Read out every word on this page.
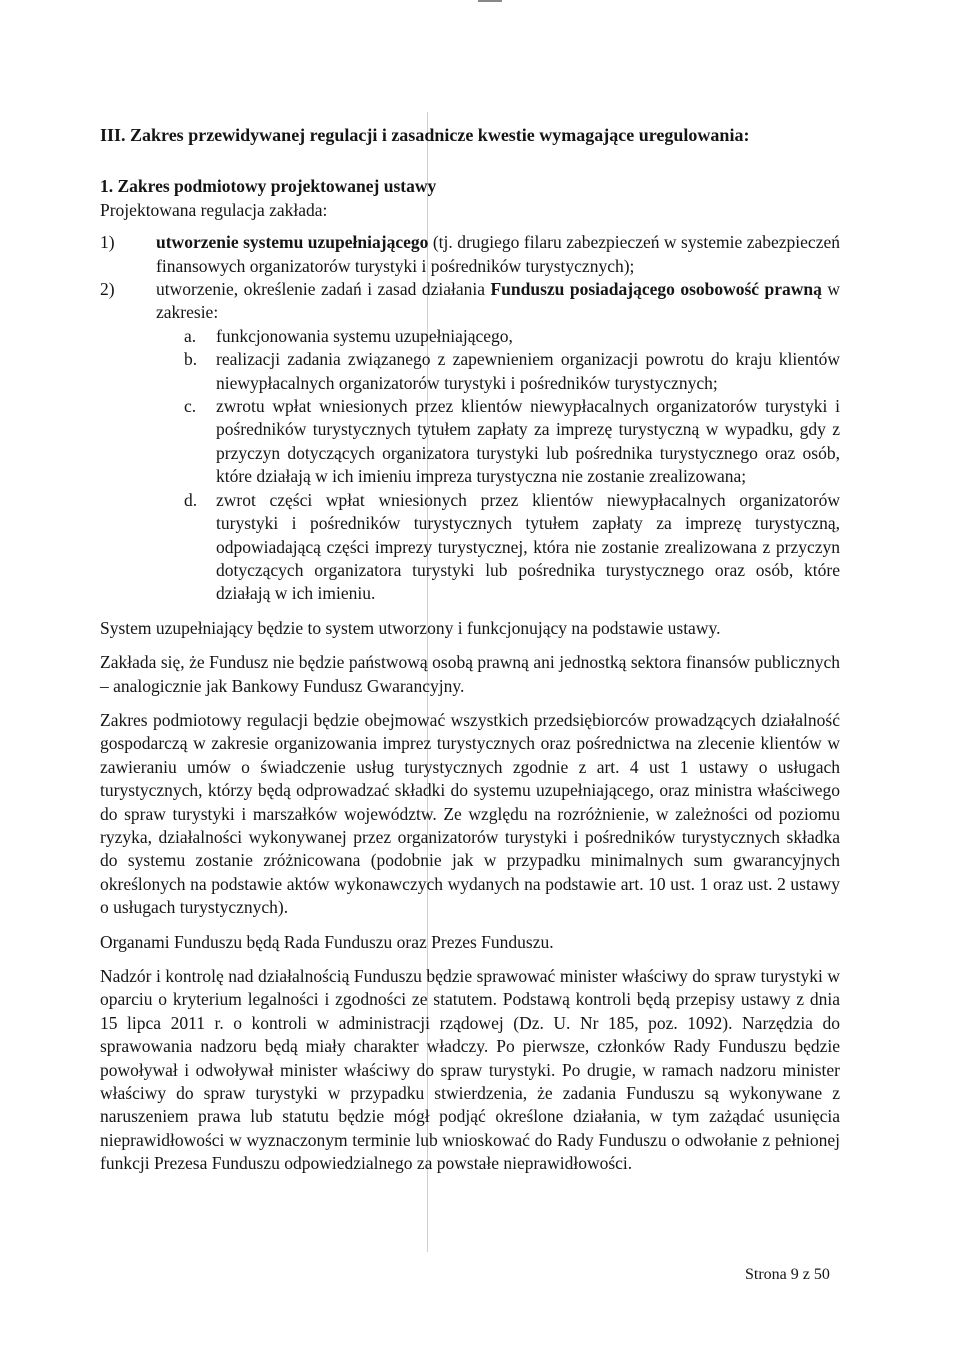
III. Zakres przewidywanej regulacji i zasadnicze kwestie wymagające uregulowania:

1. Zakres podmiotowy projektowanej ustawy

Projektowana regulacja zakłada:

1) utworzenie systemu uzupełniającego (tj. drugiego filaru zabezpieczeń w systemie zabezpieczeń finansowych organizatorów turystyki i pośredników turystycznych);
2) utworzenie, określenie zadań i zasad działania Funduszu posiadającego osobowość prawną w zakresie:
a. funkcjonowania systemu uzupełniającego,
b. realizacji zadania związanego z zapewnieniem organizacji powrotu do kraju klientów niewypłacalnych organizatorów turystyki i pośredników turystycznych;
c. zwrotu wpłat wniesionych przez klientów niewypłacalnych organizatorów turystyki i pośredników turystycznych tytułem zapłaty za imprezę turystyczną w wypadku, gdy z przyczyn dotyczących organizatora turystyki lub pośrednika turystycznego oraz osób, które działają w ich imieniu impreza turystyczna nie zostanie zrealizowana;
d. zwrot części wpłat wniesionych przez klientów niewypłacalnych organizatorów turystyki i pośredników turystycznych tytułem zapłaty za imprezę turystyczną, odpowiadającą części imprezy turystycznej, która nie zostanie zrealizowana z przyczyn dotyczących organizatora turystyki lub pośrednika turystycznego oraz osób, które działają w ich imieniu.

System uzupełniający będzie to system utworzony i funkcjonujący na podstawie ustawy.

Zakłada się, że Fundusz nie będzie państwową osobą prawną ani jednostką sektora finansów publicznych – analogicznie jak Bankowy Fundusz Gwarancyjny.

Zakres podmiotowy regulacji będzie obejmować wszystkich przedsiębiorców prowadzących działalność gospodarczą w zakresie organizowania imprez turystycznych oraz pośrednictwa na zlecenie klientów w zawieraniu umów o świadczenie usług turystycznych zgodnie z art. 4 ust 1 ustawy o usługach turystycznych, którzy będą odprowadzać składki do systemu uzupełniającego, oraz ministra właściwego do spraw turystyki i marszałków województw. Ze względu na rozróżnienie, w zależności od poziomu ryzyka, działalności wykonywanej przez organizatorów turystyki i pośredników turystycznych składka do systemu zostanie zróżnicowana (podobnie jak w przypadku minimalnych sum gwarancyjnych określonych na podstawie aktów wykonawczych wydanych na podstawie art. 10 ust. 1 oraz ust. 2 ustawy o usługach turystycznych).

Organami Funduszu będą Rada Funduszu oraz Prezes Funduszu.

Nadzór i kontrolę nad działalnością Funduszu będzie sprawować minister właściwy do spraw turystyki w oparciu o kryterium legalności i zgodności ze statutem. Podstawą kontroli będą przepisy ustawy z dnia 15 lipca 2011 r. o kontroli w administracji rządowej (Dz. U. Nr 185, poz. 1092). Narzędzia do sprawowania nadzoru będą miały charakter władczy. Po pierwsze, członków Rady Funduszu będzie powoływał i odwoływał minister właściwy do spraw turystyki. Po drugie, w ramach nadzoru minister właściwy do spraw turystyki w przypadku stwierdzenia, że zadania Funduszu są wykonywane z naruszeniem prawa lub statutu będzie mógł podjąć określone działania, w tym zażądać usunięcia nieprawidłowości w wyznaczonym terminie lub wnioskować do Rady Funduszu o odwołanie z pełnionej funkcji Prezesa Funduszu odpowiedzialnego za powstałe nieprawidłowości.

Strona 9 z 50
